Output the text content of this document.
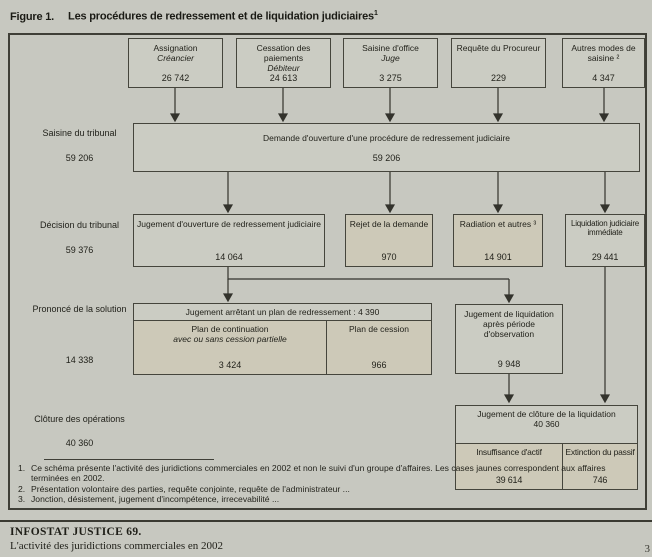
Figure 1. Les procédures de redressement et de liquidation judiciaires$^1$
Saisine du tribunal
59 206
Décision du tribunal
59 376
Prononcé de la solution
14 338
Clôture des opérations
40 360
Assignation
Créancier
26 742
Cessation des paiements
Débiteur
24 613
Saisine d'office
Juge
3 275
Requête du Procureur
229
Autres modes de saisine ²
4 347
Demande d'ouverture d'une procédure de redressement judiciaire
59 206
Jugement d'ouverture de redressement judiciaire
14 064
Rejet de la demande
970
Radiation et autres ³
14 901
Liquidation judiciaire immédiate
29 441
Jugement arrêtant un plan de redressement : 4 390
Plan de continuation
avec ou sans cession partielle
3 424
Plan de cession
966
Jugement de liquidation après période d'observation
9 948
Jugement de clôture de la liquidation
40 360
Insuffisance d'actif
39 614
Extinction du passif
746
1. Ce schéma présente l'activité des juridictions commerciales en 2002 et non le suivi d'un groupe d'affaires. Les cases jaunes correspondent aux affaires terminées en 2002.
2. Présentation volontaire des parties, requête conjointe, requête de l'administrateur ...
3. Jonction, désistement, jugement d'incompétence, irrecevabilité ...
INFOSTAT JUSTICE 69.
L'activité des juridictions commerciales en 2002	3
